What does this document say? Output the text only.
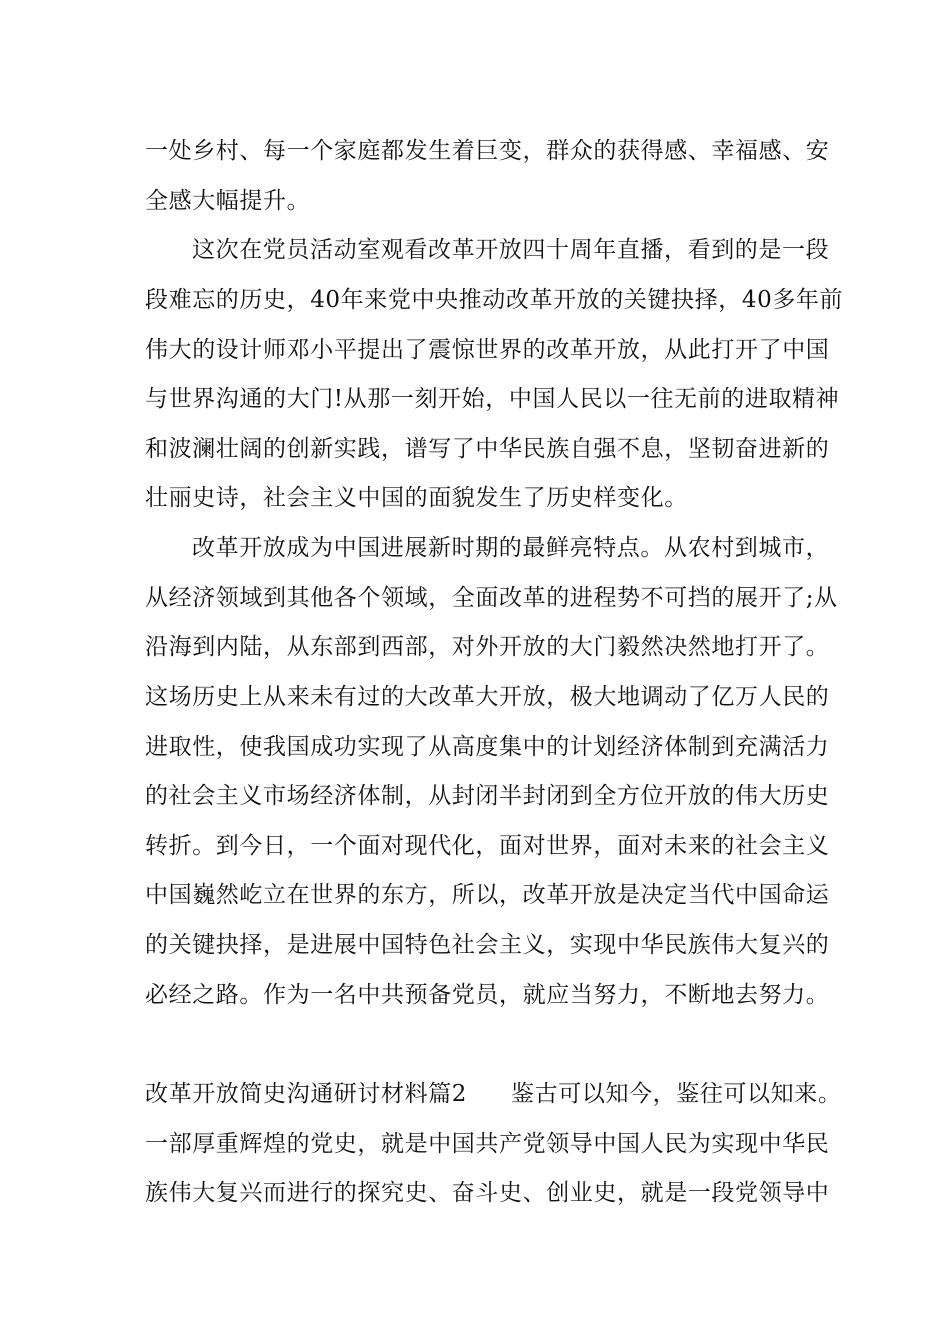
一处乡村、每一个家庭都发生着巨变，群众的获得感、幸福感、安
全感大幅提升。
这次在党员活动室观看改革开放四十周年直播，看到的是一段
段难忘的历史，40年来党中央推动改革开放的关键抉择，40多年前
伟大的设计师邓小平提出了震惊世界的改革开放，从此打开了中国
与世界沟通的大门!从那一刻开始，中国人民以一往无前的进取精神
和波澜壮阔的创新实践，谱写了中华民族自强不息，坚韧奋进新的
壮丽史诗，社会主义中国的面貌发生了历史样变化。
改革开放成为中国进展新时期的最鲜亮特点。从农村到城市，
从经济领域到其他各个领域，全面改革的进程势不可挡的展开了;从
沿海到内陆，从东部到西部，对外开放的大门毅然决然地打开了。
这场历史上从来未有过的大改革大开放，极大地调动了亿万人民的
进取性，使我国成功实现了从高度集中的计划经济体制到充满活力
的社会主义市场经济体制，从封闭半封闭到全方位开放的伟大历史
转折。到今日，一个面对现代化，面对世界，面对未来的社会主义
中国巍然屹立在世界的东方，所以，改革开放是决定当代中国命运
的关键抉择，是进展中国特色社会主义，实现中华民族伟大复兴的
必经之路。作为一名中共预备党员，就应当努力，不断地去努力。
改革开放简史沟通研讨材料篇2 鉴古可以知今，鉴往可以知来。
一部厚重辉煌的党史，就是中国共产党领导中国人民为实现中华民
族伟大复兴而进行的探究史、奋斗史、创业史，就是一段党领导中
